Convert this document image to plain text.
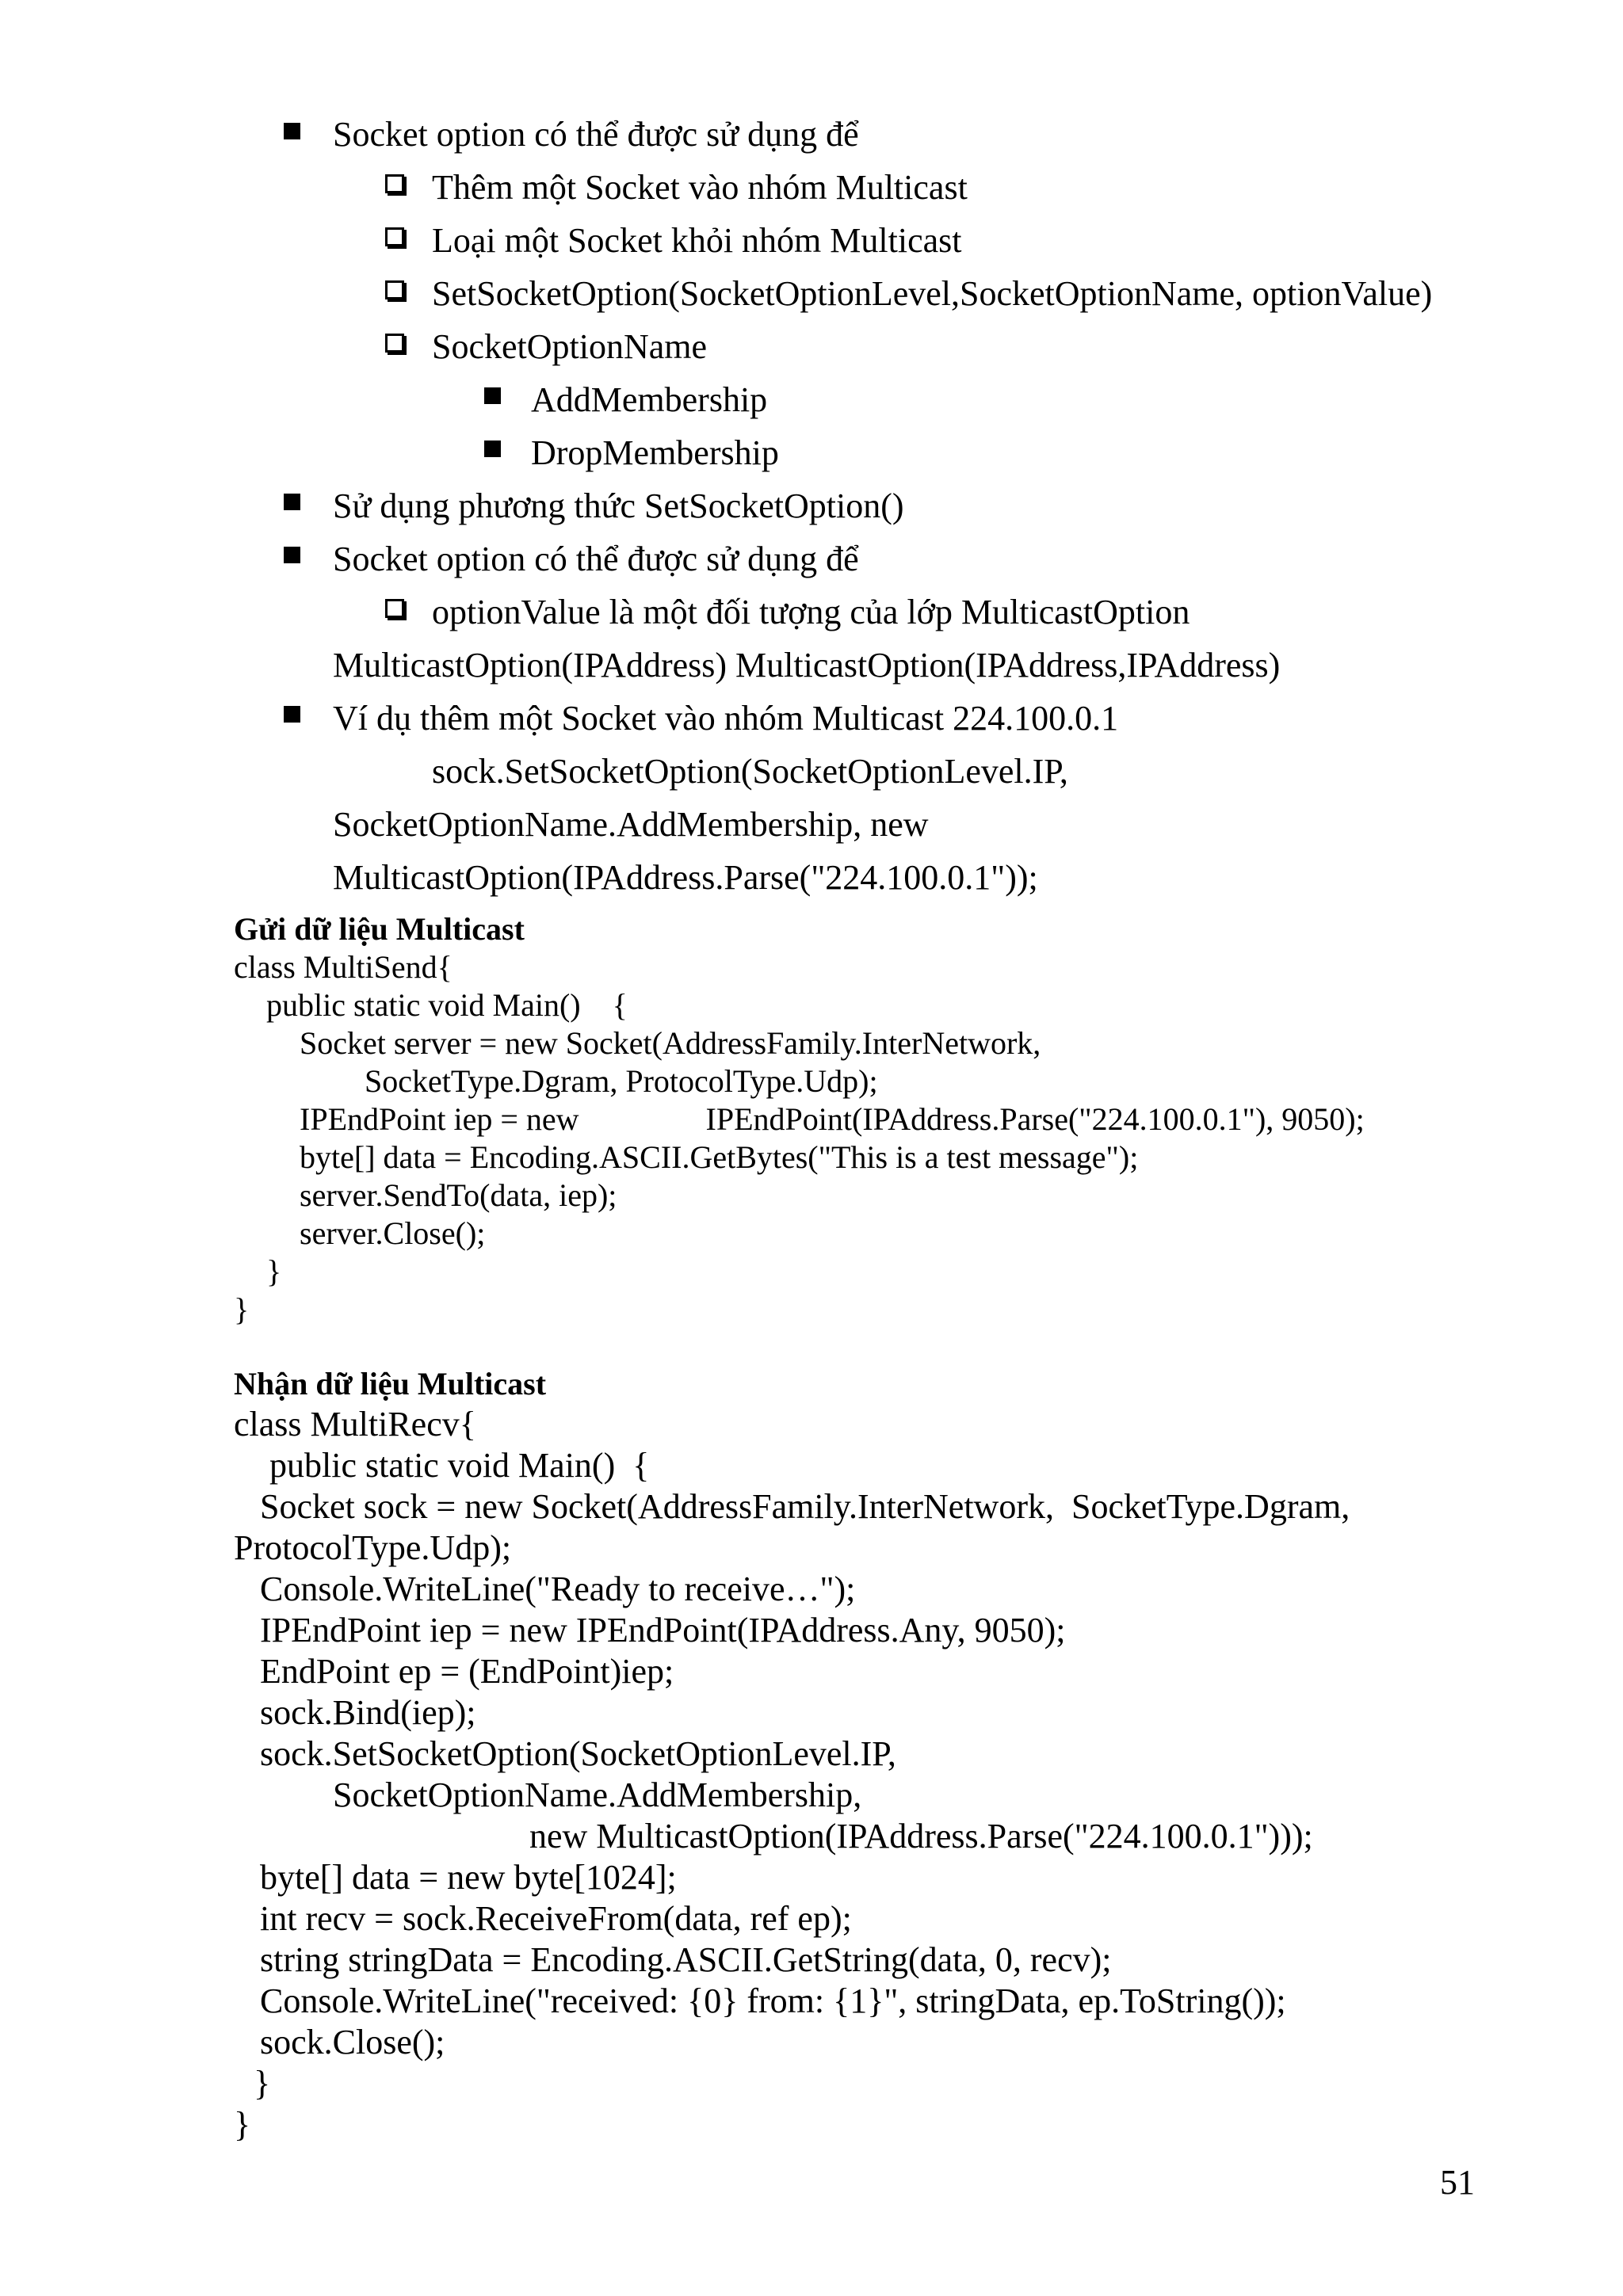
Socket option có thể được sử dụng để
Thêm một Socket vào nhóm Multicast
Loại một Socket khỏi nhóm Multicast
SetSocketOption(SocketOptionLevel,SocketOptionName, optionValue)
SocketOptionName
AddMembership
DropMembership
Sử dụng phương thức SetSocketOption()
Socket option có thể được sử dụng để
optionValue là một đối tượng của lớp MulticastOption
MulticastOption(IPAddress) MulticastOption(IPAddress,IPAddress)
Ví dụ thêm một Socket vào nhóm Multicast 224.100.0.1
sock.SetSocketOption(SocketOptionLevel.IP,
SocketOptionName.AddMembership, new
MulticastOption(IPAddress.Parse("224.100.0.1"));
Gửi dữ liệu Multicast
class MultiSend{
public static void Main()    {
Socket server = new Socket(AddressFamily.InterNetwork,
SocketType.Dgram, ProtocolType.Udp);
IPEndPoint iep = new                IPEndPoint(IPAddress.Parse("224.100.0.1"), 9050);
byte[] data = Encoding.ASCII.GetBytes("This is a test message");
server.SendTo(data, iep);
server.Close();
}
}
Nhận dữ liệu Multicast
class MultiRecv{
public static void Main()  {
Socket sock = new Socket(AddressFamily.InterNetwork,  SocketType.Dgram,
ProtocolType.Udp);
Console.WriteLine("Ready to receive…");
IPEndPoint iep = new IPEndPoint(IPAddress.Any, 9050);
EndPoint ep = (EndPoint)iep;
sock.Bind(iep);
sock.SetSocketOption(SocketOptionLevel.IP,
SocketOptionName.AddMembership,
new MulticastOption(IPAddress.Parse("224.100.0.1")));
byte[] data = new byte[1024];
int recv = sock.ReceiveFrom(data, ref ep);
string stringData = Encoding.ASCII.GetString(data, 0, recv);
Console.WriteLine("received: {0} from: {1}", stringData, ep.ToString());
sock.Close();
}
}
51
